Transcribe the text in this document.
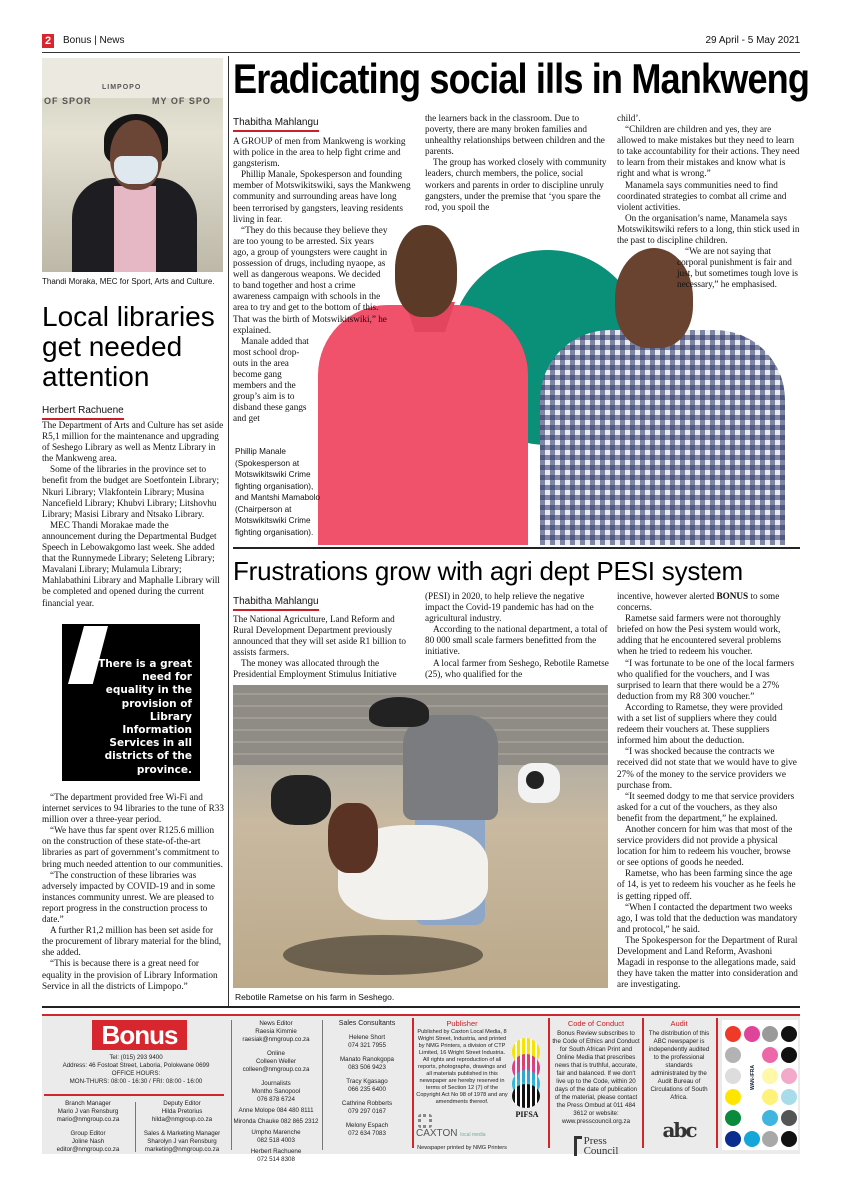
2 Bonus | News	29 April - 5 May 2021
LIMPOPO
OF SPOR	MY OF SPO
Thandi Moraka, MEC for Sport, Arts and Culture.
Local libraries get needed attention
Herbert Rachuene

The Department of Arts and Culture has set aside R5,1 million for the maintenance and upgrading of Seshego Library as well as Mentz Library in the Mankweng area.

Some of the libraries in the province set to benefit from the budget are Soetfontein Library; Nkuri Library; Vlakfontein Library; Musina Nancefield Library; Khubvi Library; Litshovhu Library; Masisi Library and Ntsako Library.

MEC Thandi Morakae made the announcement during the Departmental Budget Speech in Lebowakgomo last week. She added that the Runnymede Library; Seleteng Library; Mavalani Library; Mulamula Library; Mahlabathini Library and Maphalle Library will be completed and opened during the current financial year.

There is a great need for equality in the provision of Library Information Services in all districts of the province.

“The department provided free Wi-Fi and internet services to 94 libraries to the tune of R33 million over a three-year period.

“We have thus far spent over R125.6 million on the construction of these state-of-the-art libraries as part of government’s commitment to bring much needed attention to our communities.

“The construction of these libraries was adversely impacted by COVID-19 and in some instances community unrest. We are pleased to report progress in the construction process to date.”

A further R1,2 million has been set aside for the procurement of library material for the blind, she added.

“This is because there is a great need for equality in the provision of Library Information Service in all the districts of Limpopo.”

Eradicating social ills in Mankweng
Thabitha Mahlangu

A GROUP of men from Mankweng is working with police in the area to help fight crime and gangsterism.

Phillip Manale, Spokesperson and founding member of Motswikitswiki, says the Mankweng community and surrounding areas have long been terrorised by gangsters, leaving residents living in fear.

“They do this because they believe they are too young to be arrested. Six years ago, a group of youngsters were caught in possession of drugs, including nyaope, as well as dangerous weapons. We decided to band together and host a crime awareness campaign with schools in the area to try and get to the bottom of this. That was the birth of Motswikitswiki,” he explained.

Manale added that most school drop-outs in the area become gang members and the group’s aim is to disband these gangs and get

the learners back in the classroom. Due to poverty, there are many broken families and unhealthy relationships between children and the parents.

The group has worked closely with community leaders, church members, the police, social workers and parents in order to discipline unruly gangsters, under the premise that ‘you spare the rod, you spoil the

child’.

“Children are children and yes, they are allowed to make mistakes but they need to learn to take accountability for their actions. They need to learn from their mistakes and know what is right and what is wrong.”

Manamela says communities need to find coordinated strategies to combat all crime and violent activities.

On the organisation’s name, Manamela says Motswikitswiki refers to a long, thin stick used in the past to discipline children.

“We are not saying that corporal punishment is fair and just, but sometimes tough love is necessary,” he emphasised.

Phillip Manale (Spokesperson at Motswikitswiki Crime fighting organisation), and Mantshi Mamabolo (Chairperson at Motswikitswiki Crime fighting organisation).
Frustrations grow with agri dept PESI system
Thabitha Mahlangu

The National Agriculture, Land Reform and Rural Development Department previously announced that they will set aside R1 billion to assists farmers.

The money was allocated through the Presidential Employment Stimulus Initiative

(PESI) in 2020, to help relieve the negative impact the Covid-19 pandemic has had on the agricultural industry.

According to the national department, a total of 80 000 small scale farmers benefitted from the initiative.

A local farmer from Seshego, Rebotile Rametse (25), who qualified for the

Rebotile Rametse on his farm in Seshego.

incentive, however alerted BONUS to some concerns.

Rametse said farmers were not thoroughly briefed on how the Pesi system would work, adding that he encountered several problems when he tried to redeem his voucher.

“I was fortunate to be one of the local farmers who qualified for the vouchers, and I was surprised to learn that there would be a 27% deduction from my R8 300 voucher.”

According to Rametse, they were provided with a set list of suppliers where they could redeem their vouchers at. These suppliers informed him about the deduction.

“I was shocked because the contracts we received did not state that we would have to give 27% of the money to the service providers we purchase from.

“It seemed dodgy to me that service providers asked for a cut of the vouchers, as they also benefit from the department,” he explained.

Another concern for him was that most of the service providers did not provide a physical location for him to redeem his voucher, browse or see options of goods he needed.

Rametse, who has been farming since the age of 14, is yet to redeem his voucher as he feels he is getting ripped off.

“When I contacted the department two weeks ago, I was told that the deduction was mandatory and protocol,” he said.

The Spokesperson for the Department of Rural Development and Land Reform, Avashoni Magadi in response to the allegations made, said they have taken the matter into consideration and are investigating.

Bonus
Tel: (015) 293 9400
Address: 46 Fostoat Street, Laboria, Polokwane 0699
OFFICE HOURS:
MON-THURS: 08:00 - 16:30 / FRI: 08:00 - 16:00
Branch Manager
Mario J van Rensburg
mario@nmgroup.co.za
Group Editor
Joline Nash
editor@nmgroup.co.za
Deputy Editor
Hilda Pretorius
hilda@nmgroup.co.za
Sales & Marketing Manager
Sharolyn J van Rensburg
marketing@nmgroup.co.za
News Editor
Raesia Kimmie
raesiak@nmgroup.co.za
Online
Colleen Weller
colleen@nmgroup.co.za
Journalists
Montho Sanopool
076 878 6724
Anne Molope 084 480 8111
Mironda Chauke 082 865 2312
Umpho Marenche
082 518 4003
Herbert Rachuene
072 514 8308
Sales Consultants
Helene Short
074 321 7955
Manato Ranokgopa
083 506 9423
Tracy Kgasago
066 235 6400
Cathrine Robberts
079 297 0167
Melony Espach
072 634 7083
Publisher
Published by Caxton Local Media, 8 Wright Street, Industria, and printed by NMG Printers, a division of CTP Limited, 16 Wright Street Industria. All rights and reproduction of all reports, photographs, drawings and all materials published in this newspaper are hereby reserved in terms of Section 12 (7) of the Copyright Act No 98 of 1978 and any amendments thereof.
CAXTON local media
Newspaper printed by NMG Printers
PIFSA
Code of Conduct
Bonus Review subscribes to the Code of Ethics and Conduct for South African Print and Online Media that prescribes news that is truthful, accurate, fair and balanced. If we don't live up to the Code, within 20 days of the date of publication of the material, please contact the Press Ombud at 011 484 3612 or website: www.presscouncil.org.za
Press
Council
Audit
The distribution of this ABC newspaper is independently audited to the professional standards administrated by the Audit Bureau of Circulations of South Africa.
abc
WAN-IFRA
